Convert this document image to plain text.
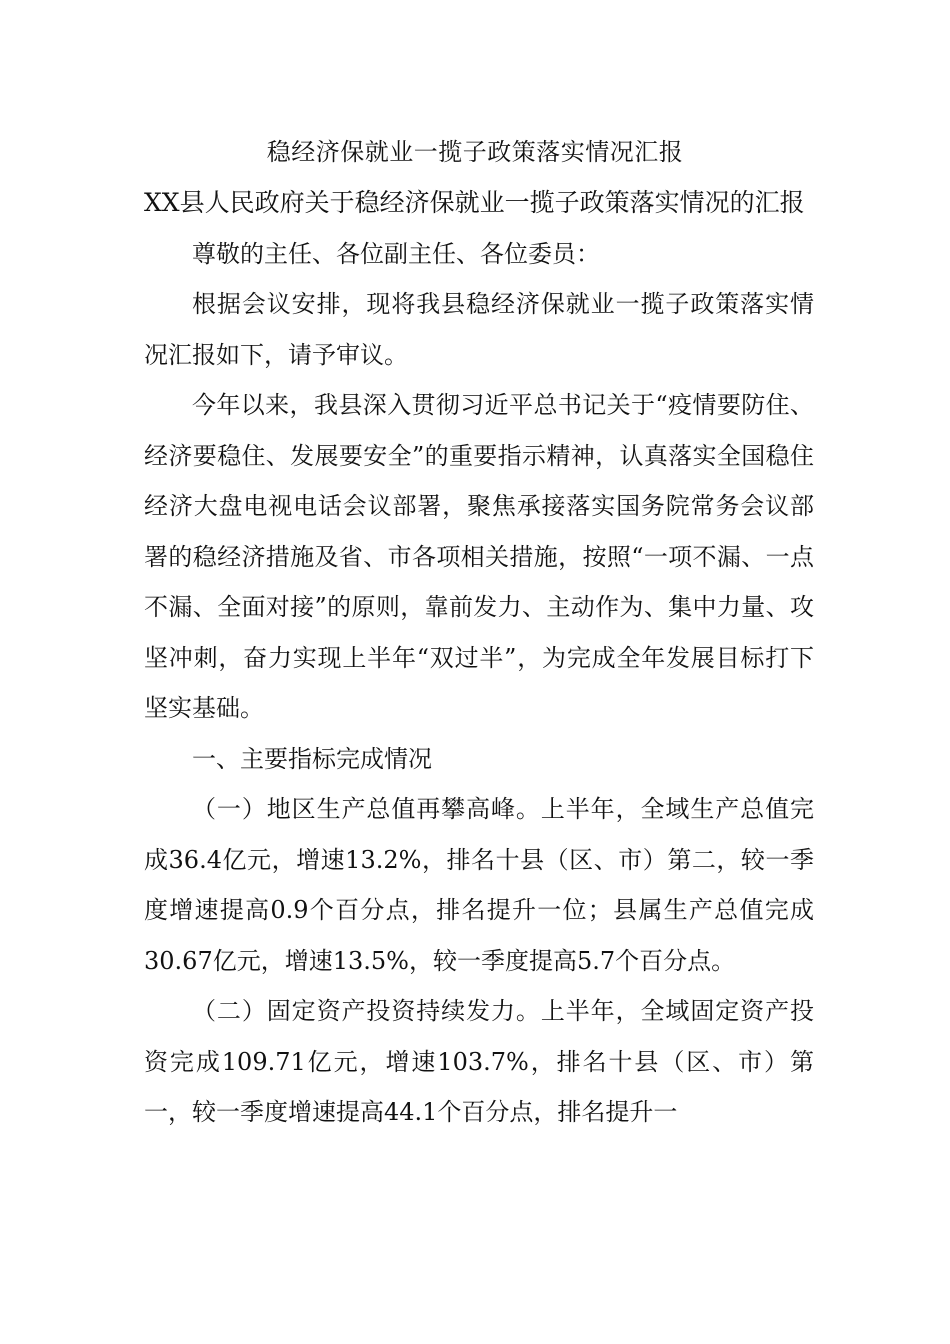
稳经济保就业一揽子政策落实情况汇报

XX县人民政府关于稳经济保就业一揽子政策落实情况的汇报

尊敬的主任、各位副主任、各位委员：

根据会议安排，现将我县稳经济保就业一揽子政策落实情况汇报如下，请予审议。

今年以来，我县深入贯彻习近平总书记关于“疫情要防住、经济要稳住、发展要安全”的重要指示精神，认真落实全国稳住经济大盘电视电话会议部署，聚焦承接落实国务院常务会议部署的稳经济措施及省、市各项相关措施，按照“一项不漏、一点不漏、全面对接”的原则，靠前发力、主动作为、集中力量、攻坚冲刺，奋力实现上半年“双过半”，为完成全年发展目标打下坚实基础。

一、主要指标完成情况

（一）地区生产总值再攀高峰。上半年，全域生产总值完成36.4亿元，增速13.2%，排名十县（区、市）第二，较一季度增速提高0.9个百分点，排名提升一位；县属生产总值完成30.67亿元，增速13.5%，较一季度提高5.7个百分点。

（二）固定资产投资持续发力。上半年，全域固定资产投资完成109.71亿元，增速103.7%，排名十县（区、市）第一，较一季度增速提高44.1个百分点，排名提升一
